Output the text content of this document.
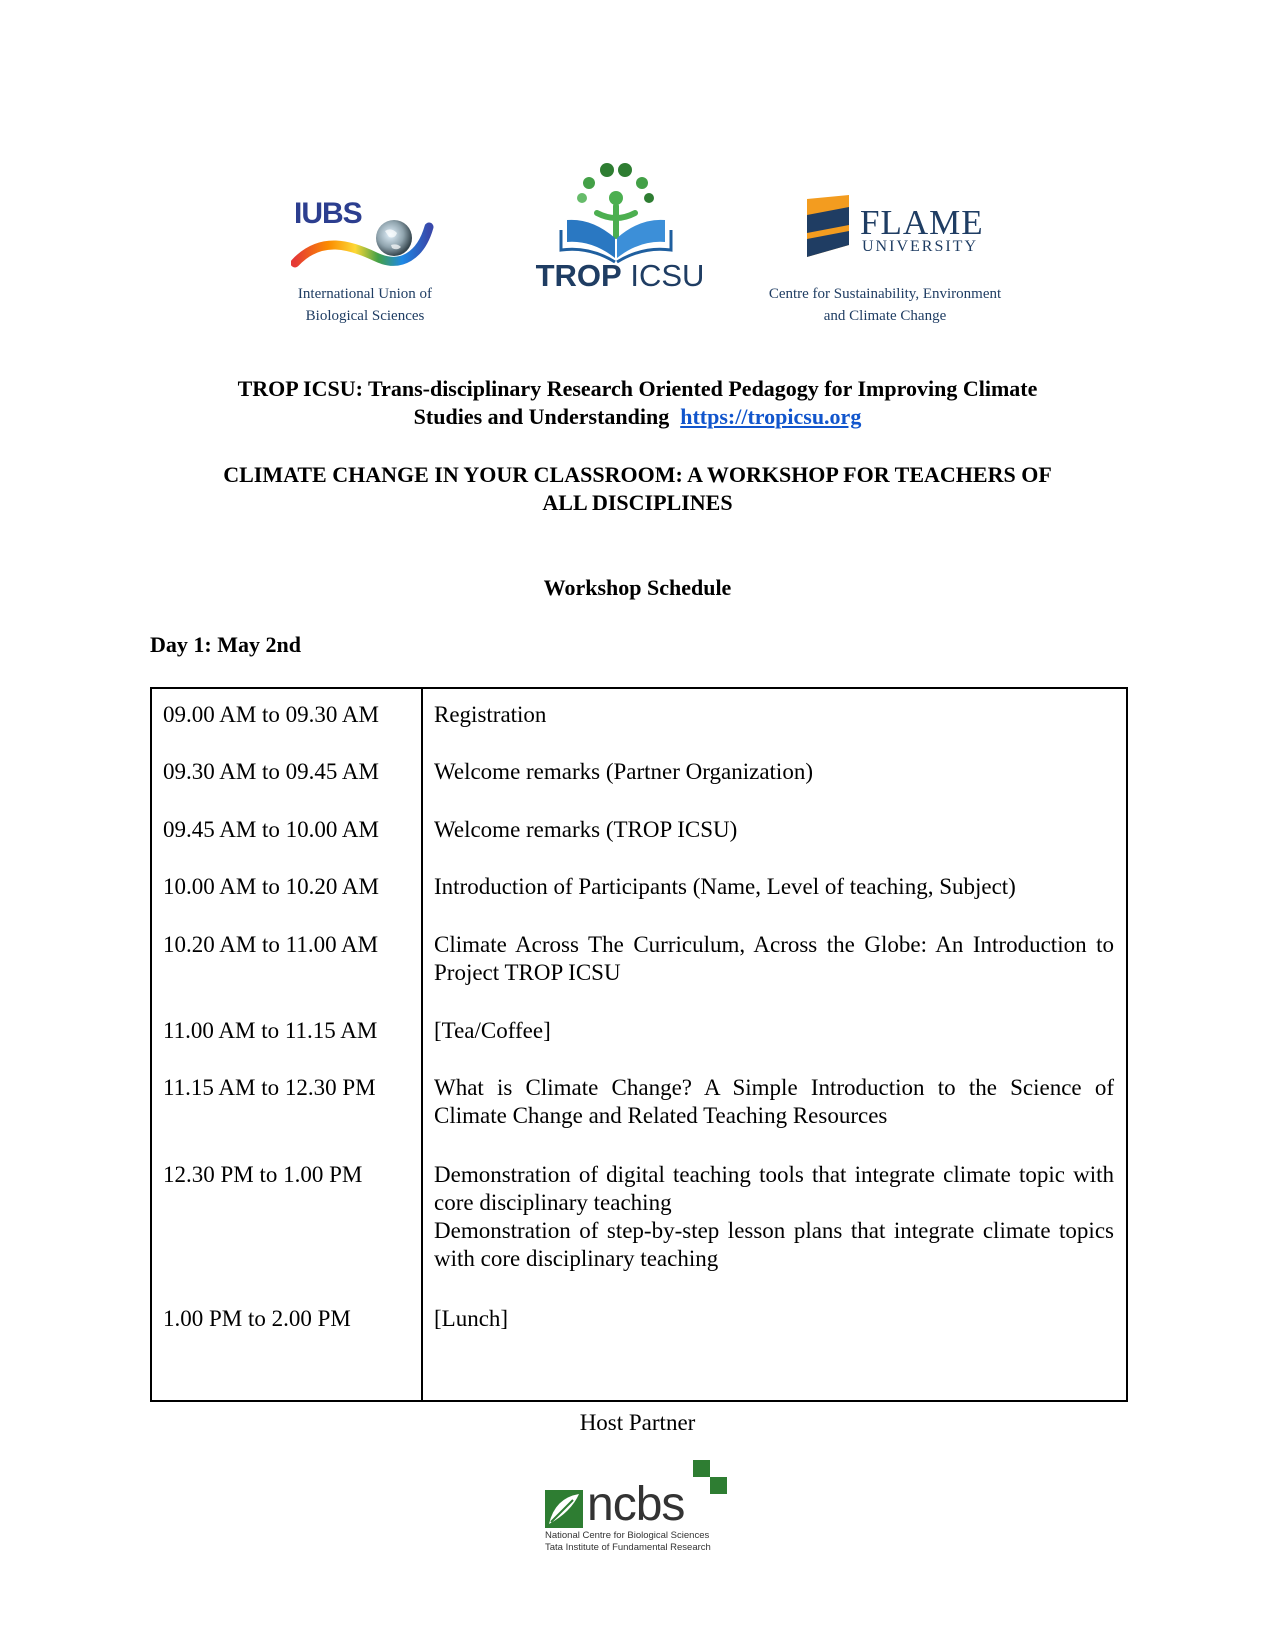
IUBS
International Union of
Biological Sciences
TROP ICSU
FLAME
UNIVERSITY
Centre for Sustainability, Environment
and Climate Change
TROP ICSU: Trans-disciplinary Research Oriented Pedagogy for Improving Climate
Studies and Understanding https://tropicsu.org
CLIMATE CHANGE IN YOUR CLASSROOM: A WORKSHOP FOR TEACHERS OF
ALL DISCIPLINES
Workshop Schedule
Day 1: May 2nd
09.00 AM to 09.30 AM	Registration
09.30 AM to 09.45 AM	Welcome remarks (Partner Organization)
09.45 AM to 10.00 AM	Welcome remarks (TROP ICSU)
10.00 AM to 10.20 AM	Introduction of Participants (Name, Level of teaching, Subject)
10.20 AM to 11.00 AM	Climate Across The Curriculum, Across the Globe: An Introduction to Project TROP ICSU
11.00 AM to 11.15 AM	[Tea/Coffee]
11.15 AM to 12.30 PM	What is Climate Change? A Simple Introduction to the Science of Climate Change and Related Teaching Resources
12.30 PM to 1.00 PM	Demonstration of digital teaching tools that integrate climate topic with core disciplinary teaching
Demonstration of step-by-step lesson plans that integrate climate topics with core disciplinary teaching
1.00 PM to 2.00 PM	[Lunch]
Host Partner
ncbs
National Centre for Biological Sciences
Tata Institute of Fundamental Research
